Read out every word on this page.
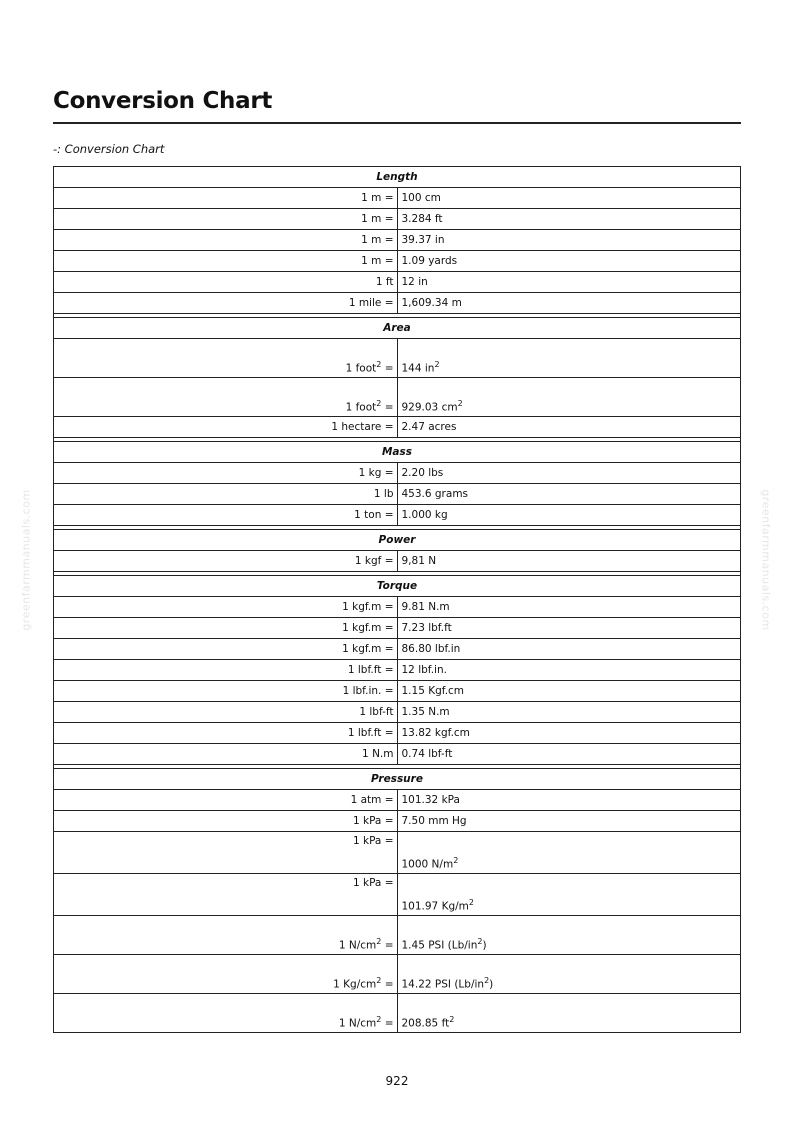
Conversion Chart
-: Conversion Chart
greenfarmmanuals.com	greenfarmmanuals.com
Length	
1 m =	100 cm
1 m =	3.284 ft
1 m =	39.37 in
1 m =	1.09 yards
1 ft	12 in
1 mile =	1,609.34 m

Area	
1 foot$^2$ =	144 $in^2$
1 foot$^2$ =	929.03 $cm^2$
1 hectare =	2.47 acres

Mass	
1 kg =	2.20 lbs
1 lb	453.6 grams
1 ton =	1.000 kg

Power	
1 kgf =	9,81 N

Torque	
1 kgf.m =	9.81 N.m
1 kgf.m =	7.23 lbf.ft
1 kgf.m =	86.80 lbf.in
1 lbf.ft =	12 lbf.in.
1 lbf.in. =	1.15 Kgf.cm
1 lbf-ft	1.35 N.m
1 lbf.ft =	13.82 kgf.cm
1 N.m	0.74 lbf-ft

Pressure	
1 atm =	101.32 kPa
1 kPa =	7.50 mm Hg
1 kPa =	1000 $N/m^2$
1 kPa =	101.97 $Kg/m^2$
1 $N/cm^2$ =	1.45 PSI $(Lb/in^2)$
1 $Kg/cm^2$ =	14.22 PSI $(Lb/in^2)$
1 $N/cm^2$ =	208.85 $ft^2$
922
